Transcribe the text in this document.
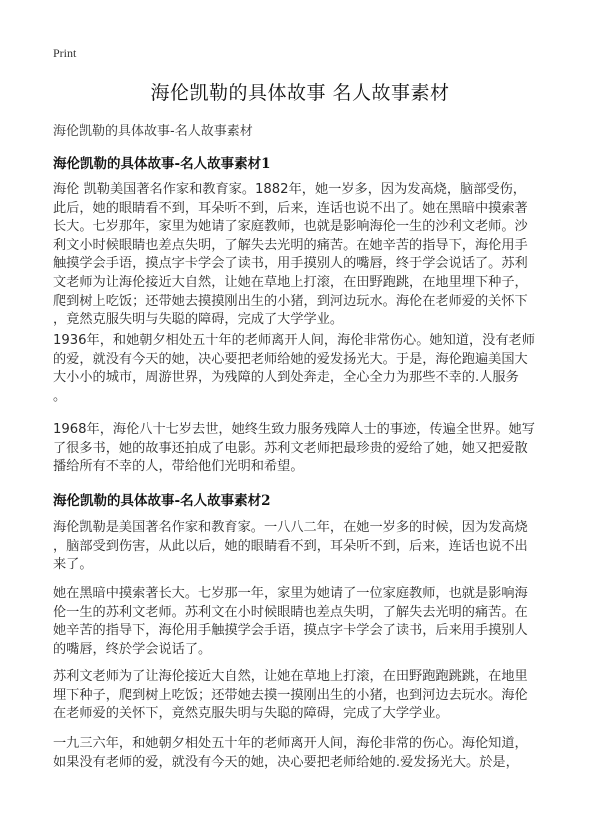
Print
海伦凯勒的具体故事 名人故事素材
海伦凯勒的具体故事-名人故事素材
海伦凯勒的具体故事-名人故事素材1
海伦 凯勒美国著名作家和教育家。1882年，她一岁多，因为发高烧，脑部受伤，
此后，她的眼睛看不到，耳朵听不到，后来，连话也说不出了。她在黑暗中摸索著
长大。七岁那年，家里为她请了家庭教师，也就是影响海伦一生的沙利文老师。沙
利文小时候眼睛也差点失明，了解失去光明的痛苦。在她辛苦的指导下，海伦用手
触摸学会手语，摸点字卡学会了读书，用手摸别人的嘴唇，终于学会说话了。苏利
文老师为让海伦接近大自然，让她在草地上打滚，在田野跑跳，在地里埋下种子，
爬到树上吃饭；还带她去摸摸刚出生的小猪，到河边玩水。海伦在老师爱的关怀下
，竟然克服失明与失聪的障碍，完成了大学学业。
1936年，和她朝夕相处五十年的老师离开人间，海伦非常伤心。她知道，没有老师
的爱，就没有今天的她，决心要把老师给她的爱发扬光大。于是，海伦跑遍美国大
大小小的城市，周游世界，为残障的人到处奔走，全心全力为那些不幸的.人服务
。
1968年，海伦八十七岁去世，她终生致力服务残障人士的事迹，传遍全世界。她写
了很多书，她的故事还拍成了电影。苏利文老师把最珍贵的爱给了她，她又把爱散
播给所有不幸的人，带给他们光明和希望。
海伦凯勒的具体故事-名人故事素材2
海伦凯勒是美国著名作家和教育家。一八八二年，在她一岁多的时候，因为发高烧
，脑部受到伤害，从此以后，她的眼睛看不到，耳朵听不到，后来，连话也说不出
来了。
她在黑暗中摸索著长大。七岁那一年，家里为她请了一位家庭教师，也就是影响海
伦一生的苏利文老师。苏利文在小时候眼睛也差点失明，了解失去光明的痛苦。在
她辛苦的指导下，海伦用手触摸学会手语，摸点字卡学会了读书，后来用手摸别人
的嘴唇，终於学会说话了。
苏利文老师为了让海伦接近大自然，让她在草地上打滚，在田野跑跑跳跳，在地里
埋下种子，爬到树上吃饭；还带她去摸一摸刚出生的小猪，也到河边去玩水。海伦
在老师爱的关怀下，竟然克服失明与失聪的障碍，完成了大学学业。
一九三六年，和她朝夕相处五十年的老师离开人间，海伦非常的伤心。海伦知道，
如果没有老师的爱，就没有今天的她，决心要把老师给她的.爱发扬光大。於是，
